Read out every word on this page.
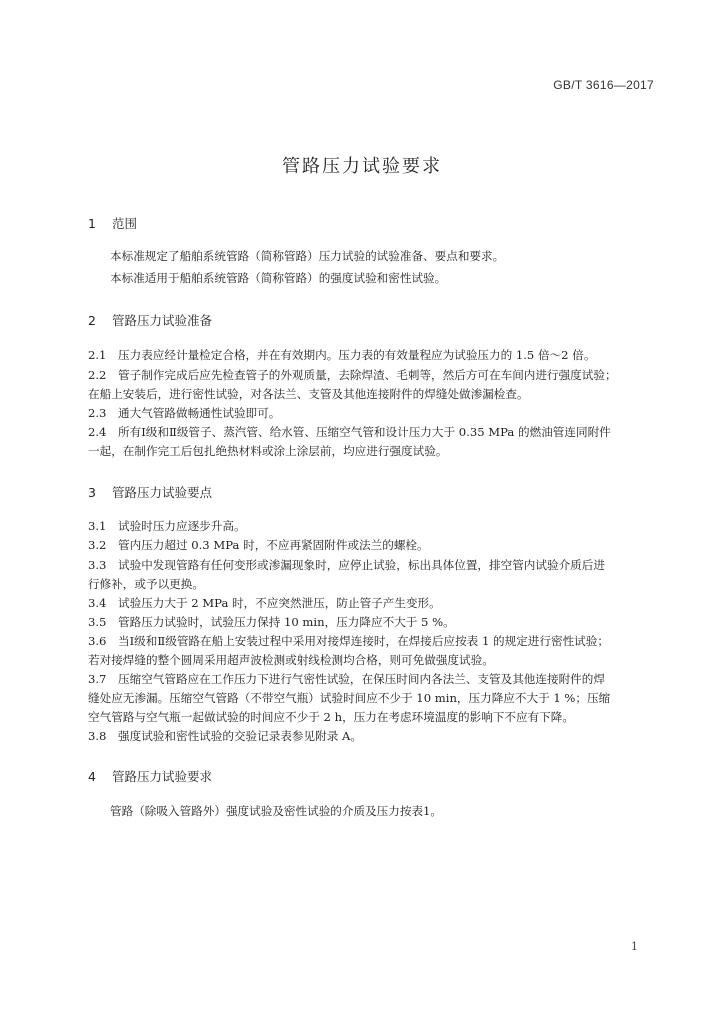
GB/T 3616—2017
管路压力试验要求
1 范围
本标准规定了船舶系统管路（简称管路）压力试验的试验准备、要点和要求。
本标准适用于船舶系统管路（简称管路）的强度试验和密性试验。
2 管路压力试验准备
2.1 压力表应经计量检定合格，并在有效期内。压力表的有效量程应为试验压力的 1.5 倍～2 倍。
2.2 管子制作完成后应先检查管子的外观质量，去除焊渣、毛刺等，然后方可在车间内进行强度试验；
在船上安装后，进行密性试验，对各法兰、支管及其他连接附件的焊缝处做渗漏检查。
2.3 通大气管路做畅通性试验即可。
2.4 所有Ⅰ级和Ⅱ级管子、蒸汽管、给水管、压缩空气管和设计压力大于 0.35 MPa 的燃油管连同附件
一起，在制作完工后包扎绝热材料或涂上涂层前，均应进行强度试验。
3 管路压力试验要点
3.1 试验时压力应逐步升高。
3.2 管内压力超过 0.3 MPa 时，不应再紧固附件或法兰的螺栓。
3.3 试验中发现管路有任何变形或渗漏现象时，应停止试验，标出具体位置，排空管内试验介质后进
行修补，或予以更换。
3.4 试验压力大于 2 MPa 时，不应突然泄压，防止管子产生变形。
3.5 管路压力试验时，试验压力保持 10 min，压力降应不大于 5 %。
3.6 当Ⅰ级和Ⅱ级管路在船上安装过程中采用对接焊连接时，在焊接后应按表 1 的规定进行密性试验；
若对接焊缝的整个圆周采用超声波检测或射线检测均合格，则可免做强度试验。
3.7 压缩空气管路应在工作压力下进行气密性试验，在保压时间内各法兰、支管及其他连接附件的焊
缝处应无渗漏。压缩空气管路（不带空气瓶）试验时间应不少于 10 min，压力降应不大于 1 %；压缩
空气管路与空气瓶一起做试验的时间应不少于 2 h，压力在考虑环境温度的影响下不应有下降。
3.8 强度试验和密性试验的交验记录表参见附录 A。
4 管路压力试验要求
管路（除吸入管路外）强度试验及密性试验的介质及压力按表1。
1
